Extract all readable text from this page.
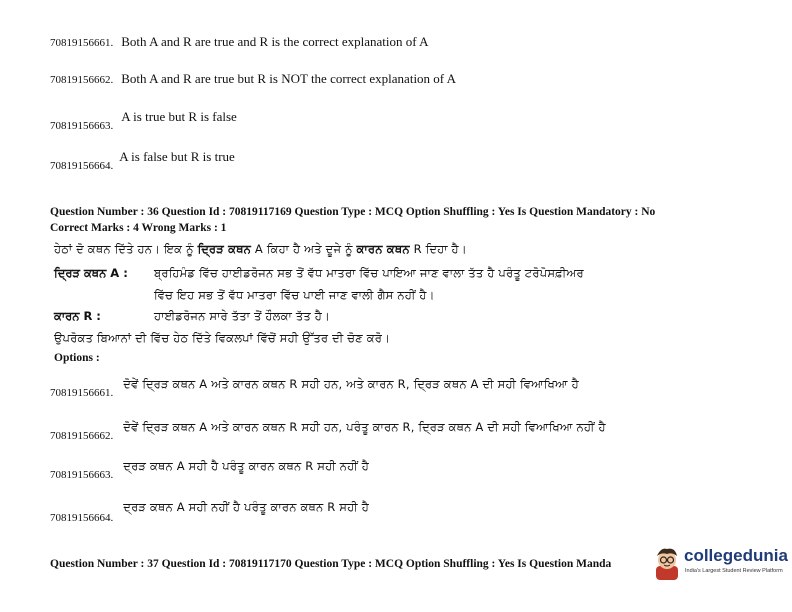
70819156661. Both A and R are true and R is the correct explanation of A
70819156662. Both A and R are true but R is NOT the correct explanation of A
$_{70819156663.}$ A is true but R is false
$_{70819156664.}$ A is false but R is true
Question Number : 36 Question Id : 70819117169 Question Type : MCQ Option Shuffling : Yes Is Question Mandatory : No
Correct Marks : 4 Wrong Marks : 1
ਹੇਠਾਂ ਦੋ ਕਥਨ ਦਿੱਤੇ ਹਨ। ਇਕ ਨੂੰ ਦ੍ਰਿੜ ਕਥਨ A ਕਿਹਾ ਹੈ ਅਤੇ ਦੂਜੇ ਨੂੰ ਕਾਰਨ ਕਥਨ R ਦਿਹਾ ਹੈ।
ਦ੍ਰਿੜ ਕਥਨ A : ਬ੍ਰਹਿਮੰਡ ਵਿੱਚ ਹਾਈਡਰੋਜਨ ਸਭ ਤੋਂ ਵੱਧ ਮਾਤਰਾ ਵਿੱਚ ਪਾਇਆ ਜਾਣ ਵਾਲਾ ਤੱਤ ਹੈ ਪਰੰਤੂ ਟਰੋਪੋਸਫ਼ੀਅਰ
ਵਿੱਚ ਇਹ ਸਭ ਤੋਂ ਵੱਧ ਮਾਤਰਾ ਵਿੱਚ ਪਾਈ ਜਾਣ ਵਾਲੀ ਗੈਸ ਨਹੀਂ ਹੈ।
ਕਾਰਨ R :	ਹਾਈਡਰੋਜਨ ਸਾਰੇ ਤੱਤਾ ਤੋਂ ਹੌਲਕਾ ਤੱਤ ਹੈ।
ਉਪਰੋਕਤ ਬਿਆਨਾਂ ਦੀ ਵਿੱਚ ਹੇਠ ਦਿੱਤੇ ਵਿਕਲਪਾਂ ਵਿੱਚੋਂ ਸਹੀ ਉੱਤਰ ਦੀ ਚੋਣ ਕਰੋ।
Options :
$_{70819156661.}$ ਦੋਵੇਂ ਦ੍ਰਿੜ ਕਥਨ A ਅਤੇ ਕਾਰਨ ਕਥਨ R ਸਹੀ ਹਨ, ਅਤੇ ਕਾਰਨ R, ਦ੍ਰਿੜ ਕਥਨ A ਦੀ ਸਹੀ ਵਿਆਖਿਆ ਹੈ
$_{70819156662.}$ ਦੋਵੇਂ ਦ੍ਰਿੜ ਕਥਨ A ਅਤੇ ਕਾਰਨ ਕਥਨ R ਸਹੀ ਹਨ, ਪਰੰਤੂ ਕਾਰਨ R, ਦ੍ਰਿੜ ਕਥਨ A ਦੀ ਸਹੀ ਵਿਆਖਿਆ ਨਹੀਂ ਹੈ
$_{70819156663.}$ ਦ੍ਰੜ ਕਥਨ A ਸਹੀ ਹੈ ਪਰੰਤੂ ਕਾਰਨ ਕਥਨ R ਸਹੀ ਨਹੀਂ ਹੈ
$_{70819156664.}$ ਦ੍ਰੜ ਕਥਨ A ਸਹੀ ਨਹੀਂ ਹੈ ਪਰੰਤੂ ਕਾਰਨ ਕਥਨ R ਸਹੀ ਹੈ
Question Number : 37 Question Id : 70819117170 Question Type : MCQ Option Shuffling : Yes Is Question Manda	collegedunia
India's Largest Student Review Platform
